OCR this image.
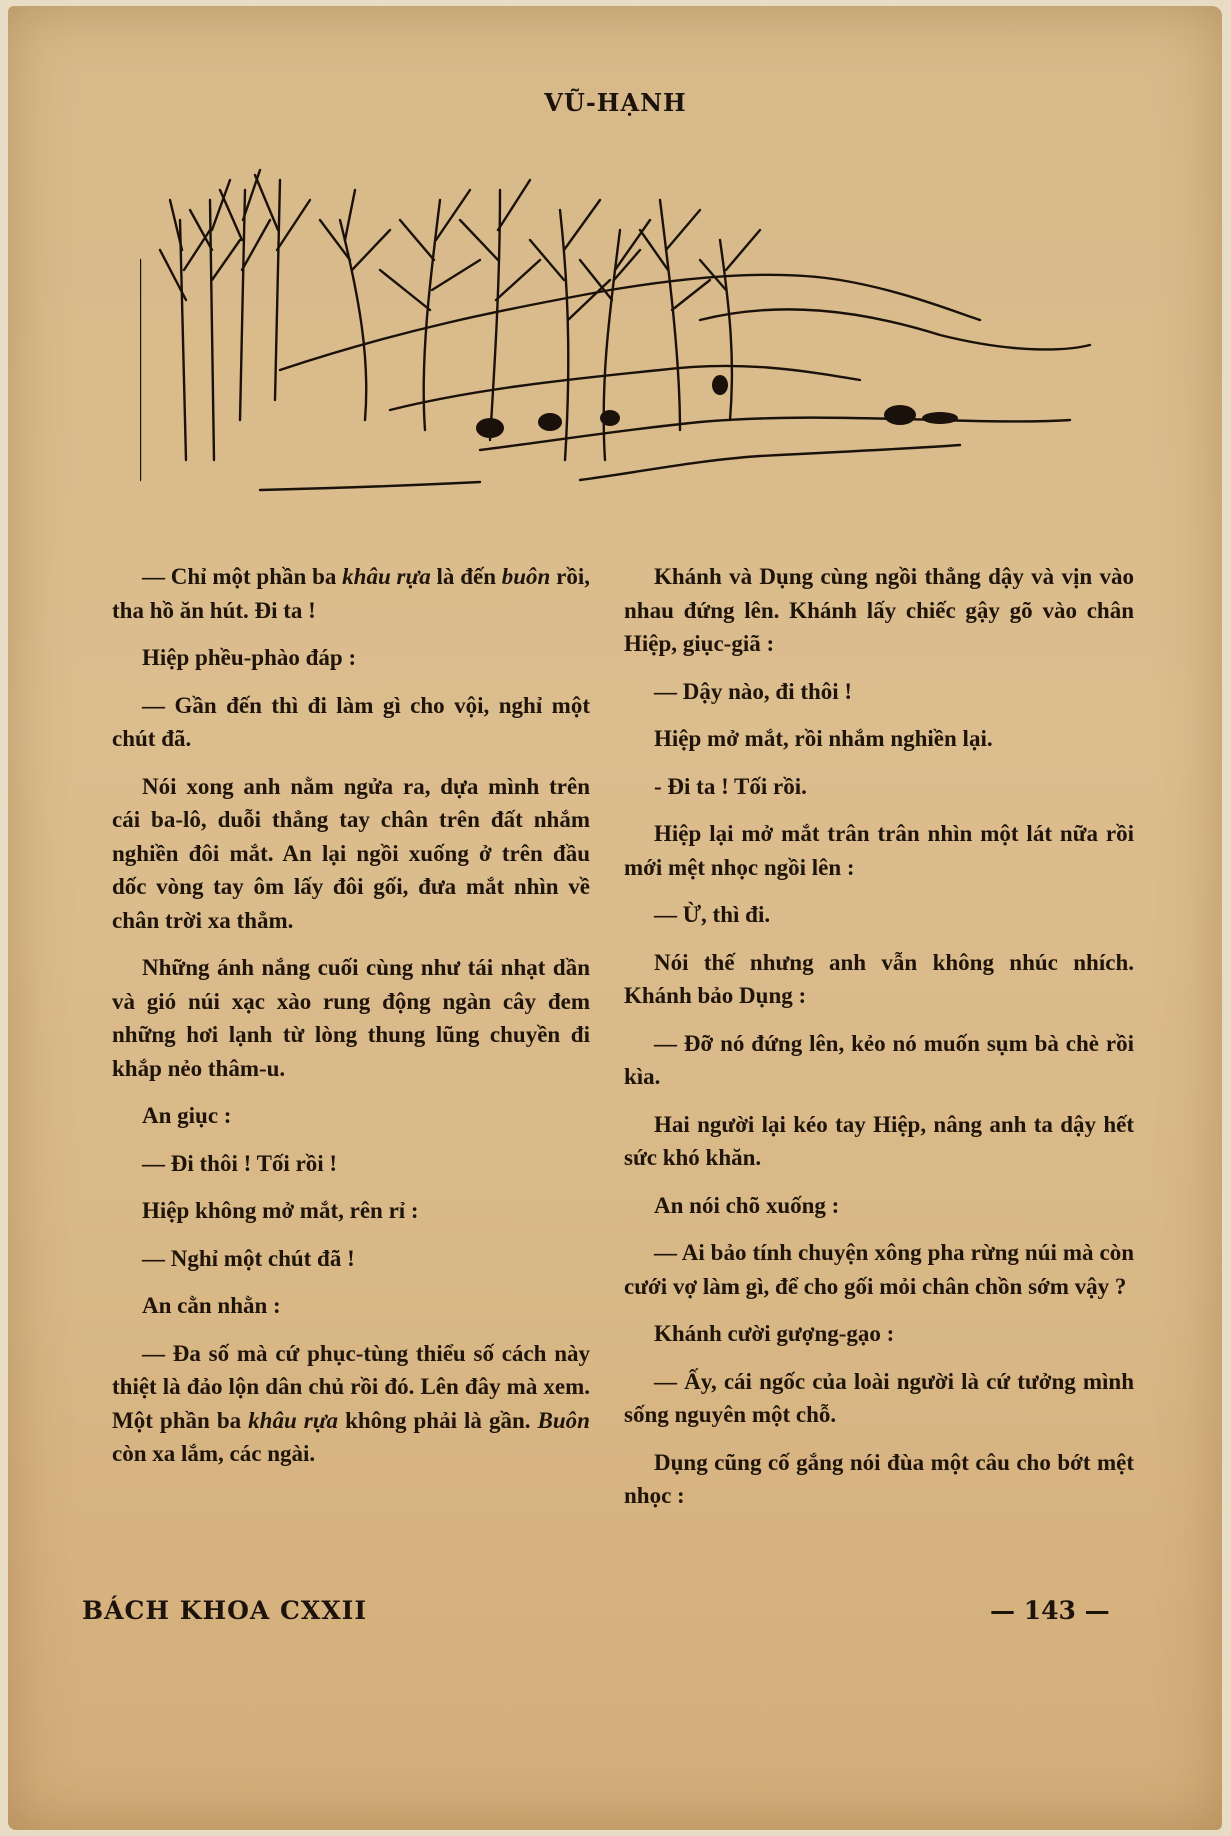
VŨ-HẠNH

— Chỉ một phần ba khâu rựa là đến buôn rồi, tha hồ ăn hút. Đi ta !

Hiệp phều-phào đáp :

— Gần đến thì đi làm gì cho vội, nghỉ một chút đã.

Nói xong anh nằm ngửa ra, dựa mình trên cái ba-lô, duỗi thẳng tay chân trên đất nhắm nghiền đôi mắt. An lại ngồi xuống ở trên đầu dốc vòng tay ôm lấy đôi gối, đưa mắt nhìn về chân trời xa thẳm.

Những ánh nắng cuối cùng như tái nhạt dần và gió núi xạc xào rung động ngàn cây đem những hơi lạnh từ lòng thung lũng chuyền đi khắp nẻo thâm-u.

An giục :

— Đi thôi ! Tối rồi !

Hiệp không mở mắt, rên rỉ :

— Nghỉ một chút đã !

An cằn nhằn :

— Đa số mà cứ phục-tùng thiểu số cách này thiệt là đảo lộn dân chủ rồi đó. Lên đây mà xem. Một phần ba khâu rựa không phải là gần. Buôn còn xa lắm, các ngài.

Khánh và Dụng cùng ngồi thẳng dậy và vịn vào nhau đứng lên. Khánh lấy chiếc gậy gõ vào chân Hiệp, giục-giã :

— Dậy nào, đi thôi !

Hiệp mở mắt, rồi nhắm nghiền lại.

- Đi ta ! Tối rồi.

Hiệp lại mở mắt trân trân nhìn một lát nữa rồi mới mệt nhọc ngồi lên :

— Ừ, thì đi.

Nói thế nhưng anh vẫn không nhúc nhích. Khánh bảo Dụng :

— Đỡ nó đứng lên, kẻo nó muốn sụm bà chè rồi kìa.

Hai người lại kéo tay Hiệp, nâng anh ta dậy hết sức khó khăn.

An nói chõ xuống :

— Ai bảo tính chuyện xông pha rừng núi mà còn cưới vợ làm gì, để cho gối mỏi chân chồn sớm vậy ?

Khánh cười gượng-gạo :

— Ấy, cái ngốc của loài người là cứ tưởng mình sống nguyên một chỗ.

Dụng cũng cố gắng nói đùa một câu cho bớt mệt nhọc :

BÁCH KHOA CXXII	— 143 —
